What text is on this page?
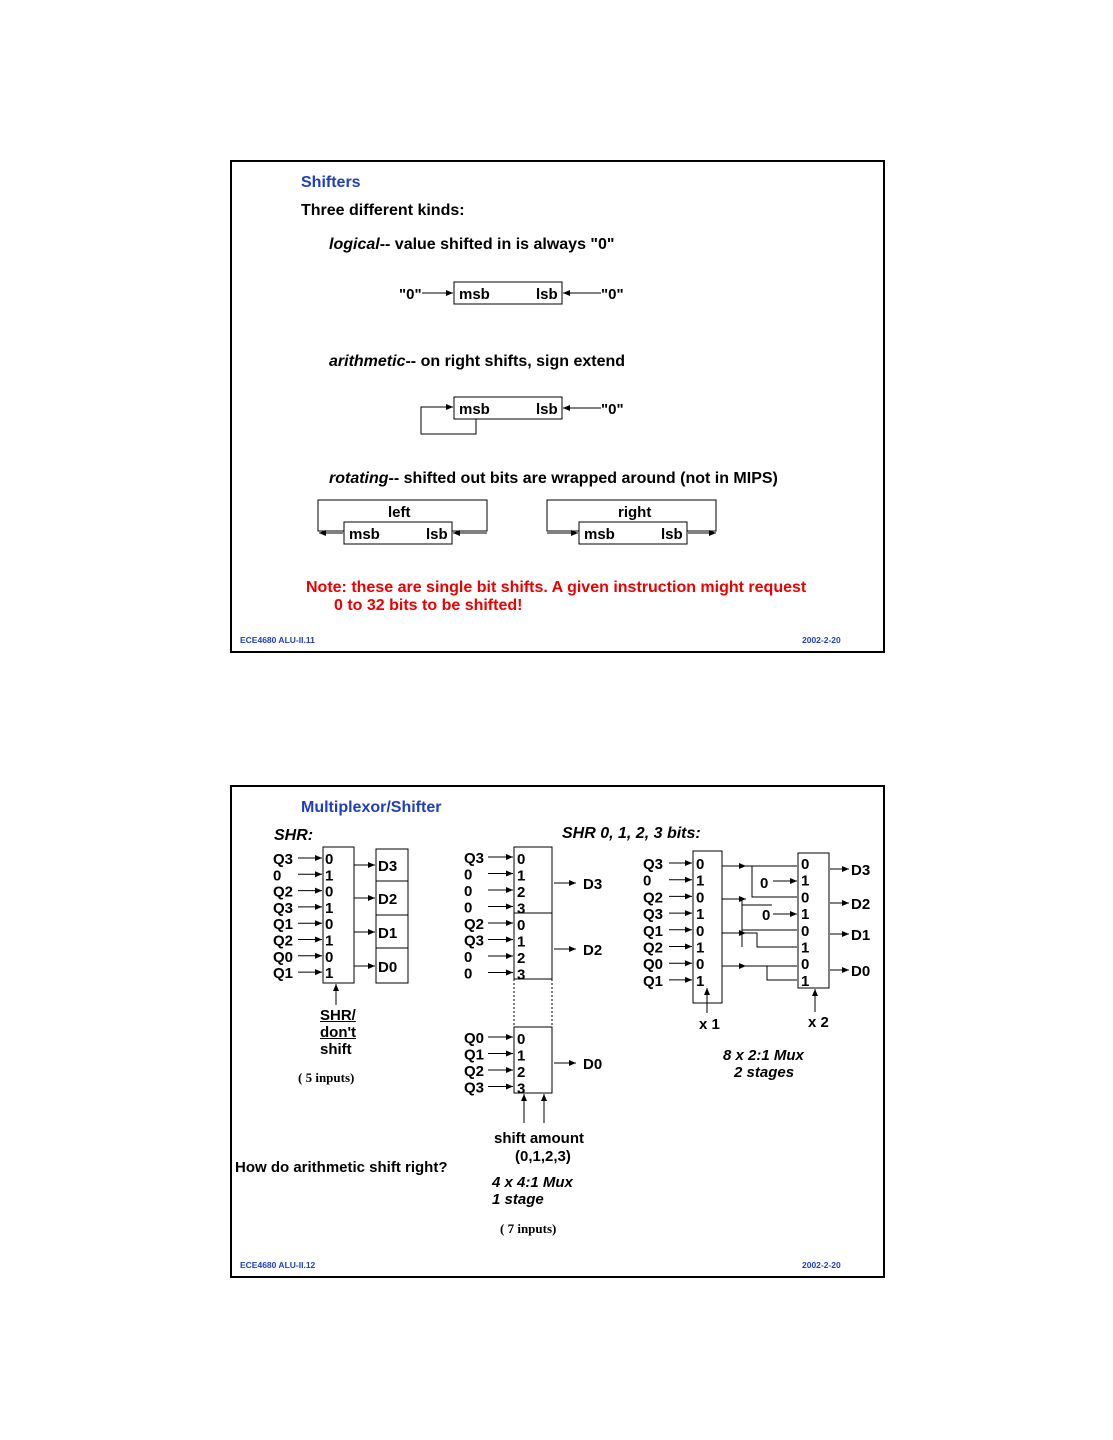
Shifters
Three different kinds:
logical-- value shifted in is always "0"
arithmetic-- on right shifts, sign extend
rotating-- shifted out bits are wrapped around (not in MIPS)
msb	lsb
"0"	"0"
msb	lsb	"0"
left
msb	lsb
right
msb	lsb
Note: these are single bit shifts. A given instruction might request
0 to 32 bits to be shifted!
ECE4680 ALU-II.11	2002-2-20
Multiplexor/Shifter
SHR:	SHR 0, 1, 2, 3 bits:
Q3 0
0	1
Q2 0
Q3 1
Q1 0
Q2 1
Q0 0
Q1 1
D3
D2
D1
D0
Q3 0
0	1
0	2
0	3
D3
Q2 0
Q3 1
0	2
0	3
D2
Q0 0
Q1 1
Q2 2
Q3 3
D0
Q3 0	0
0	1	1
Q2 0	0
Q3 1	1
Q1 0	0
Q2 1	1
Q0 0	0
Q1 1	1
0
0
D3
D2
D1
D0
SHR/
don't
shift
( 5 inputs)
shift amount
(0,1,2,3)
4 x 4:1 Mux
1 stage
( 7 inputs)
x 1	x 2
8 x 2:1 Mux
2 stages
How do arithmetic shift right?
ECE4680 ALU-II.12	2002-2-20
